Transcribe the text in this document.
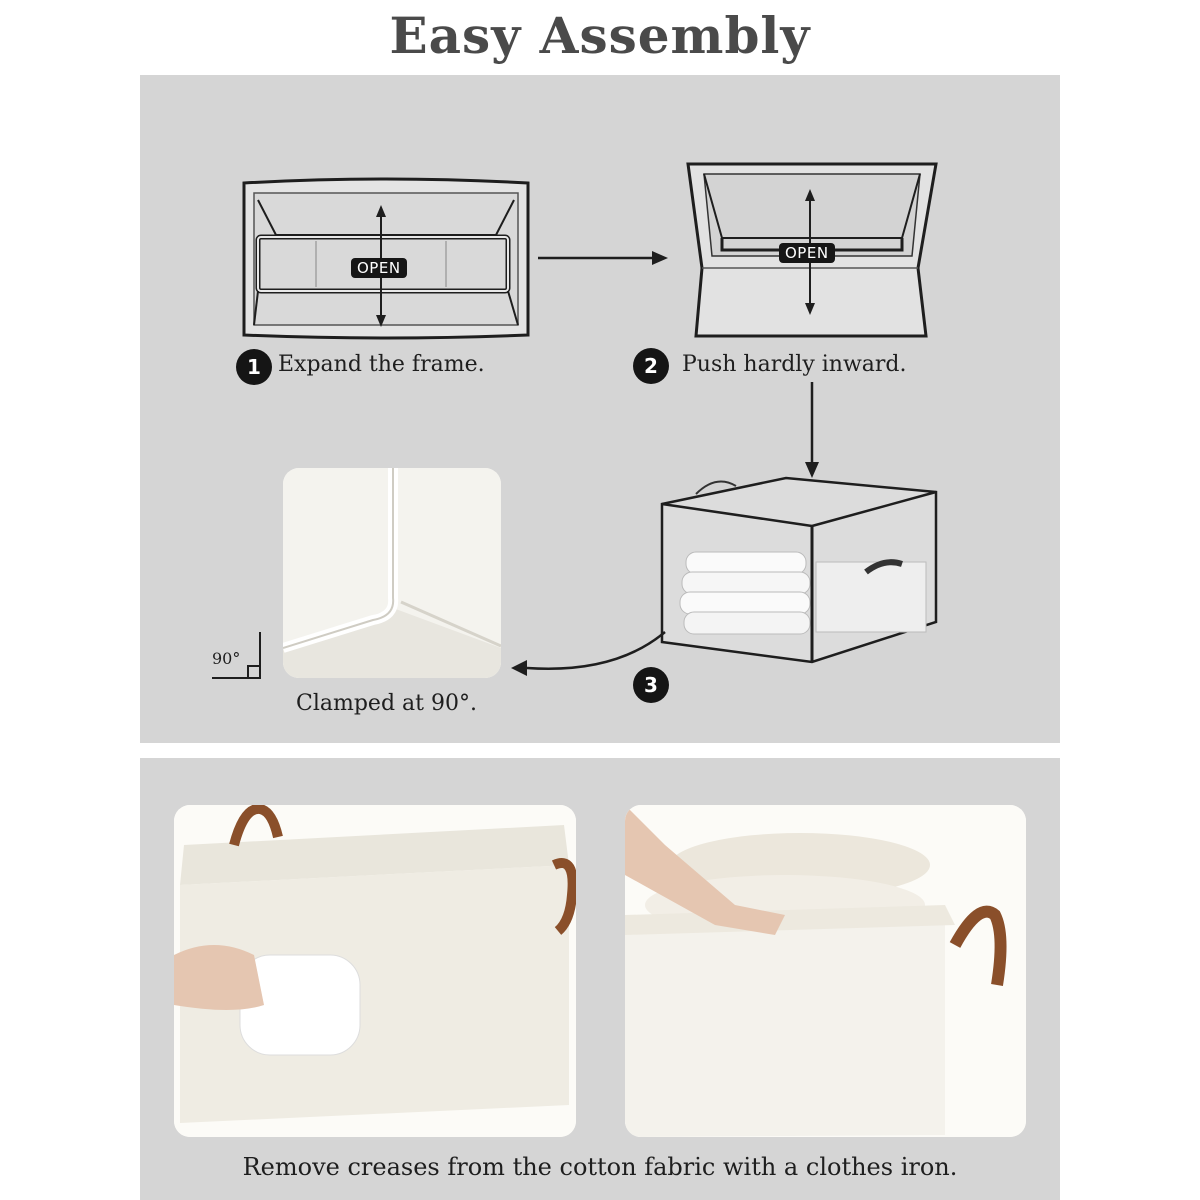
Easy Assembly
OPEN
1 Expand the frame.
OPEN
2	Push hardly inward.
3
90°
Clamped at 90°.
Remove creases from the cotton fabric with a clothes iron.
